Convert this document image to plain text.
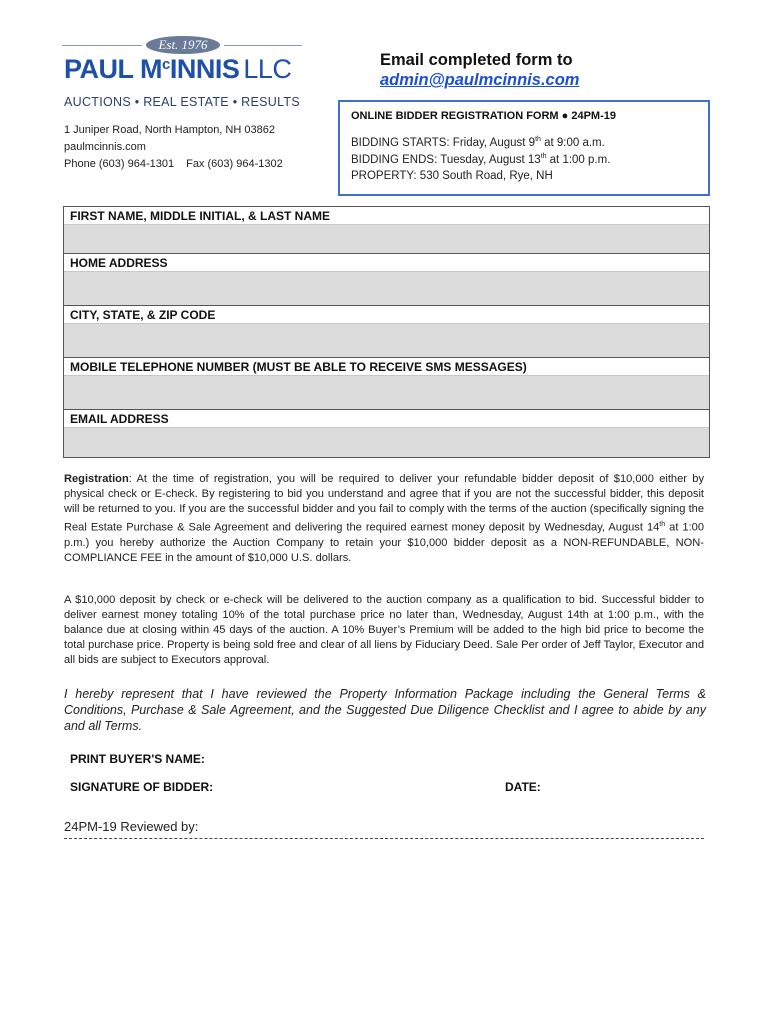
Est. 1976
PAUL $M^cINNIS$ LLC
AUCTIONS • REAL ESTATE • RESULTS
1 Juniper Road, North Hampton, NH 03862
paulmcinnis.com
Phone (603) 964-1301 Fax (603) 964-1302
Email completed form to
admin@paulmcinnis.com
ONLINE BIDDER REGISTRATION FORM ● 24PM-19
BIDDING STARTS: Friday, August 9th at 9:00 a.m.
BIDDING ENDS: Tuesday, August 13th at 1:00 p.m.
PROPERTY: 530 South Road, Rye, NH
FIRST NAME, MIDDLE INITIAL, & LAST NAME
HOME ADDRESS
CITY, STATE, & ZIP CODE
MOBILE TELEPHONE NUMBER (MUST BE ABLE TO RECEIVE SMS MESSAGES)
EMAIL ADDRESS
Registration: At the time of registration, you will be required to deliver your refundable bidder deposit of $10,000 either by physical check or E-check. By registering to bid you understand and agree that if you are not the successful bidder, this deposit will be returned to you. If you are the successful bidder and you fail to comply with the terms of the auction (specifically signing the Real Estate Purchase & Sale Agreement and delivering the required earnest money deposit by Wednesday, August 14th at 1:00 p.m.) you hereby authorize the Auction Company to retain your $10,000 bidder deposit as a NON-REFUNDABLE, NON-COMPLIANCE FEE in the amount of $10,000 U.S. dollars.
A $10,000 deposit by check or e-check will be delivered to the auction company as a qualification to bid. Successful bidder to deliver earnest money totaling 10% of the total purchase price no later than, Wednesday, August 14th at 1:00 p.m., with the balance due at closing within 45 days of the auction. A 10% Buyer’s Premium will be added to the high bid price to become the total purchase price. Property is being sold free and clear of all liens by Fiduciary Deed. Sale Per order of Jeff Taylor, Executor and all bids are subject to Executors approval.
I hereby represent that I have reviewed the Property Information Package including the General Terms & Conditions, Purchase & Sale Agreement, and the Suggested Due Diligence Checklist and I agree to abide by any and all Terms.
PRINT BUYER'S NAME:
SIGNATURE OF BIDDER:	DATE:
24PM-19 Reviewed by:
